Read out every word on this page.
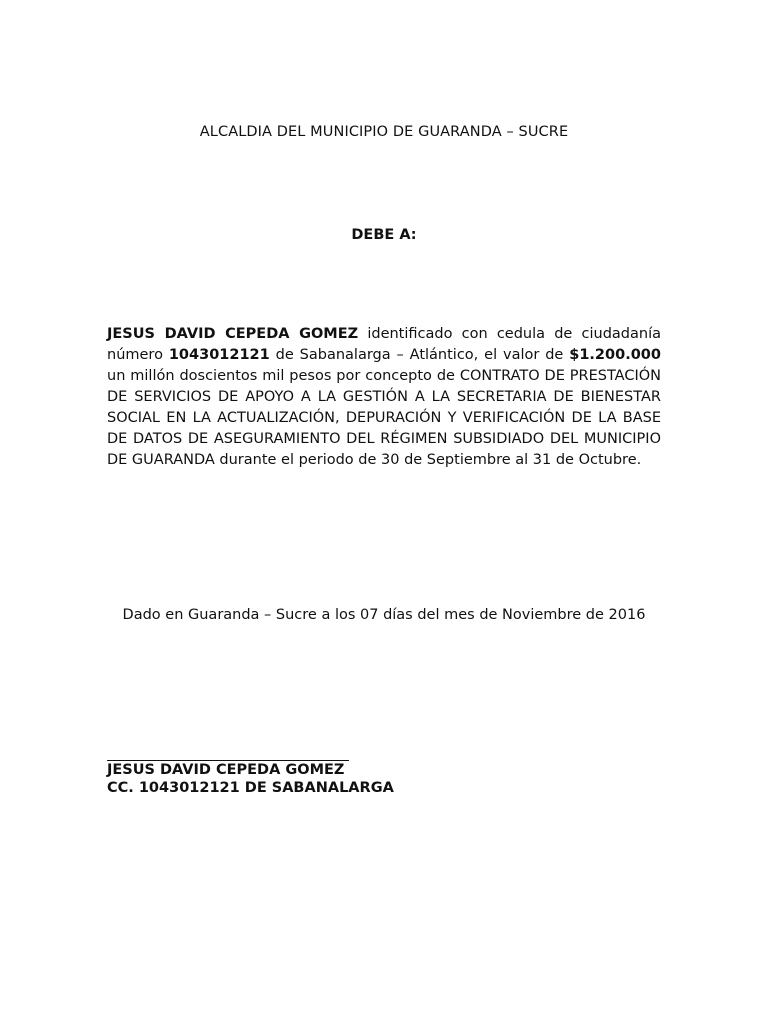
ALCALDIA DEL MUNICIPIO DE GUARANDA – SUCRE
DEBE A:
JESUS DAVID CEPEDA GOMEZ identificado con cedula de ciudadanía número 1043012121 de Sabanalarga – Atlántico, el valor de $1.200.000 un millón doscientos mil pesos por concepto de CONTRATO DE PRESTACIÓN DE SERVICIOS DE APOYO A LA GESTIÓN A LA SECRETARIA DE BIENESTAR SOCIAL EN LA ACTUALIZACIÓN, DEPURACIÓN Y VERIFICACIÓN DE LA BASE DE DATOS DE ASEGURAMIENTO DEL RÉGIMEN SUBSIDIADO DEL MUNICIPIO DE GUARANDA durante el periodo de 30 de Septiembre al 31 de Octubre.
Dado en Guaranda – Sucre a los 07 días del mes de Noviembre de 2016
JESUS DAVID CEPEDA GOMEZ
CC. 1043012121 DE SABANALARGA
